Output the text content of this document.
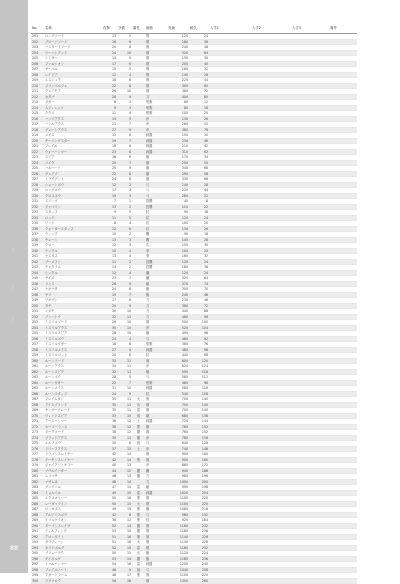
│
│
│
88
No	名称	攻撃	守備	属性	価格	売値	耐久	入手1	入手2	入手3	備考
201	ロングソード	13	5		剣	120	24				
202	ブロードソード	16	6		剣	180	36				
203	バスタードソード	20	8		剣	240	48				
204	ツーハンデッド	24	10		剣	320	64				
205	シミター	14	5		剣	150	30				
206	ファルシオン	17	6		剣	200	40				
207	サーベル	15	5		剣	160	32				
208	レイピア	12	4		剣	140	28				
209	エストック	18	6		剣	220	44				
210	フランベルジュ	22	8		剣	300	60				
211	クレイモア	26	10		剣	360	72				
212	カタナ	28	9		刀	400	80				
213	ダガー	8	3		短剣	60	12				
214	スティレット	9	3		短剣	80	16				
215	ククリ	11	4		短剣	100	20				
216	ハンドアクス	14	5		斧	130	26				
217	バトルアクス	21	7		斧	260	52				
218	グレートアクス	27	9		斧	380	76				
219	メイス	15	6		鈍器	150	30				
220	モーニングスター	19	7		鈍器	230	46				
221	フレイル	18	6		鈍器	210	42				
222	ウォーハンマー	23	8		鈍器	310	62				
223	スピア	16	6		槍	170	34				
224	パイク	20	7		槍	250	50				
225	ハルバード	25	9		槍	340	68				
226	グレイブ	22	8		槍	290	58				
227	トライデント	24	8		槍	330	66				
228	ショートボウ	12	2		弓	140	28				
229	ロングボウ	17	3		弓	220	44				
230	クロスボウ	19	3		弓	260	52				
231	スリング	7	1		投擲	40	8				
232	ジャベリン	13	2		投擲	110	22				
233	スタッフ	9	5		杖	90	18				
234	ロッド	11	5		杖	120	24				
235	ワンド	8	4		杖	100	20				
236	クォータースタッフ	12	6		杖	130	26				
237	ウィップ	10	2		鞭	90	18				
238	チェーン	13	3		鞭	140	28				
239	クロー	12	3		爪	150	30				
240	ナックル	10	4		拳	100	20				
241	セスタス	13	4		拳	160	32				
242	ブーメラン	11	2		投擲	120	24				
243	チャクラム	14	2		投擲	180	36				
244	シックル	12	4		鎌	120	24				
245	サイズ	23	7		鎌	320	64				
246	ランス	26	9		槍	370	74				
247	ナギナタ	24	8		槍	350	70				
248	ヤリ	19	7		槍	240	48				
249	ワキザシ	17	6		刀	230	46				
250	タチ	25	9		刀	360	72				
251	ノダチ	30	10		刀	440	88				
252	ゾンバトウ	32	11		刀	480	96				
253	ミスリルソード	29	10		剣	500	100				
254	ミスリルアクス	30	10		斧	520	104				
255	ミスリルスピア	28	10		槍	490	98				
256	ミスリルボウ	24	4		弓	460	92				
257	ミスリルダガー	18	6		短剣	380	76				
258	ミスリルメイス	27	9		鈍器	480	96				
259	ミスリルロッド	20	8		杖	440	88				
260	ルーンソード	33	11		剣	600	120				
261	ルーンアクス	34	11		斧	620	124				
262	ルーンスピア	32	11		槍	590	118				
263	ルーンボウ	28	5		弓	560	112				
264	ルーンダガー	22	7		短剣	480	96				
265	ルーンメイス	31	10		鈍器	580	116				
266	ルーンスタッフ	24	9		杖	540	108				
267	フレイムタン	35	11	火	剣	700	140				
268	アイスブランド	35	11	氷	剣	700	140				
269	サンダーブレード	35	11	雷	剣	700	140				
270	ウィンドスピア	33	10	風	槍	680	136				
271	アースハンマー	36	12	土	鈍器	720	144				
272	ホーリーランス	38	12	聖	槍	760	152				
273	ダークソード	38	12	闇	剣	760	152				
274	ブラッドアクス	39	11	闇	斧	780	156				
275	エルフボウ	30	6	風	弓	640	128				
276	ドワーフアクス	37	13	土	斧	740	148				
277	ドラゴンスレイヤー	42	14		剣	900	180				
278	デーモンスレイヤー	42	14	聖	剣	900	180				
279	ジャイアントキラー	40	13		斧	860	172				
280	ソウルイーター	44	12	闇	鎌	940	188				
281	ムラマサ	46	13	闇	刀	980	196				
282	マサムネ	48	14		刀	1000	200				
283	グングニル	47	14	雷	槍	990	198				
284	ミョルニル	49	15	雷	鈍器	1020	204				
285	エクスカリバー	50	16	聖	剣	1100	220				
286	レーヴァテイン	50	15	火	剣	1100	220				
287	ロンギヌス	49	15	聖	槍	1080	216				
288	アルテミスボウ	42	8	聖	弓	960	192				
289	ケリュケイオン	38	12	聖	杖	920	184				
290	ダーインスレイヴ	52	14	闇	剣	1160	232				
291	ティルフィング	53	15	闇	剣	1180	236				
292	アロンダイト	51	16	聖	剣	1140	228				
293	ガラティーン	51	16	火	剣	1140	228				
294	カラドボルグ	52	15	雷	剣	1160	232				
295	ブリューナク	50	15	火	槍	1120	224				
296	ゲイボルグ	53	14	闇	槍	1180	236				
297	トールハンマー	54	16	雷	鈍器	1200	240				
298	フェイルノート	46	9	風	弓	1040	208				
299	アガートラーム	48	17	聖	剣	1100	220				
300	ラグナロク	56	18		剣	1300	260				
